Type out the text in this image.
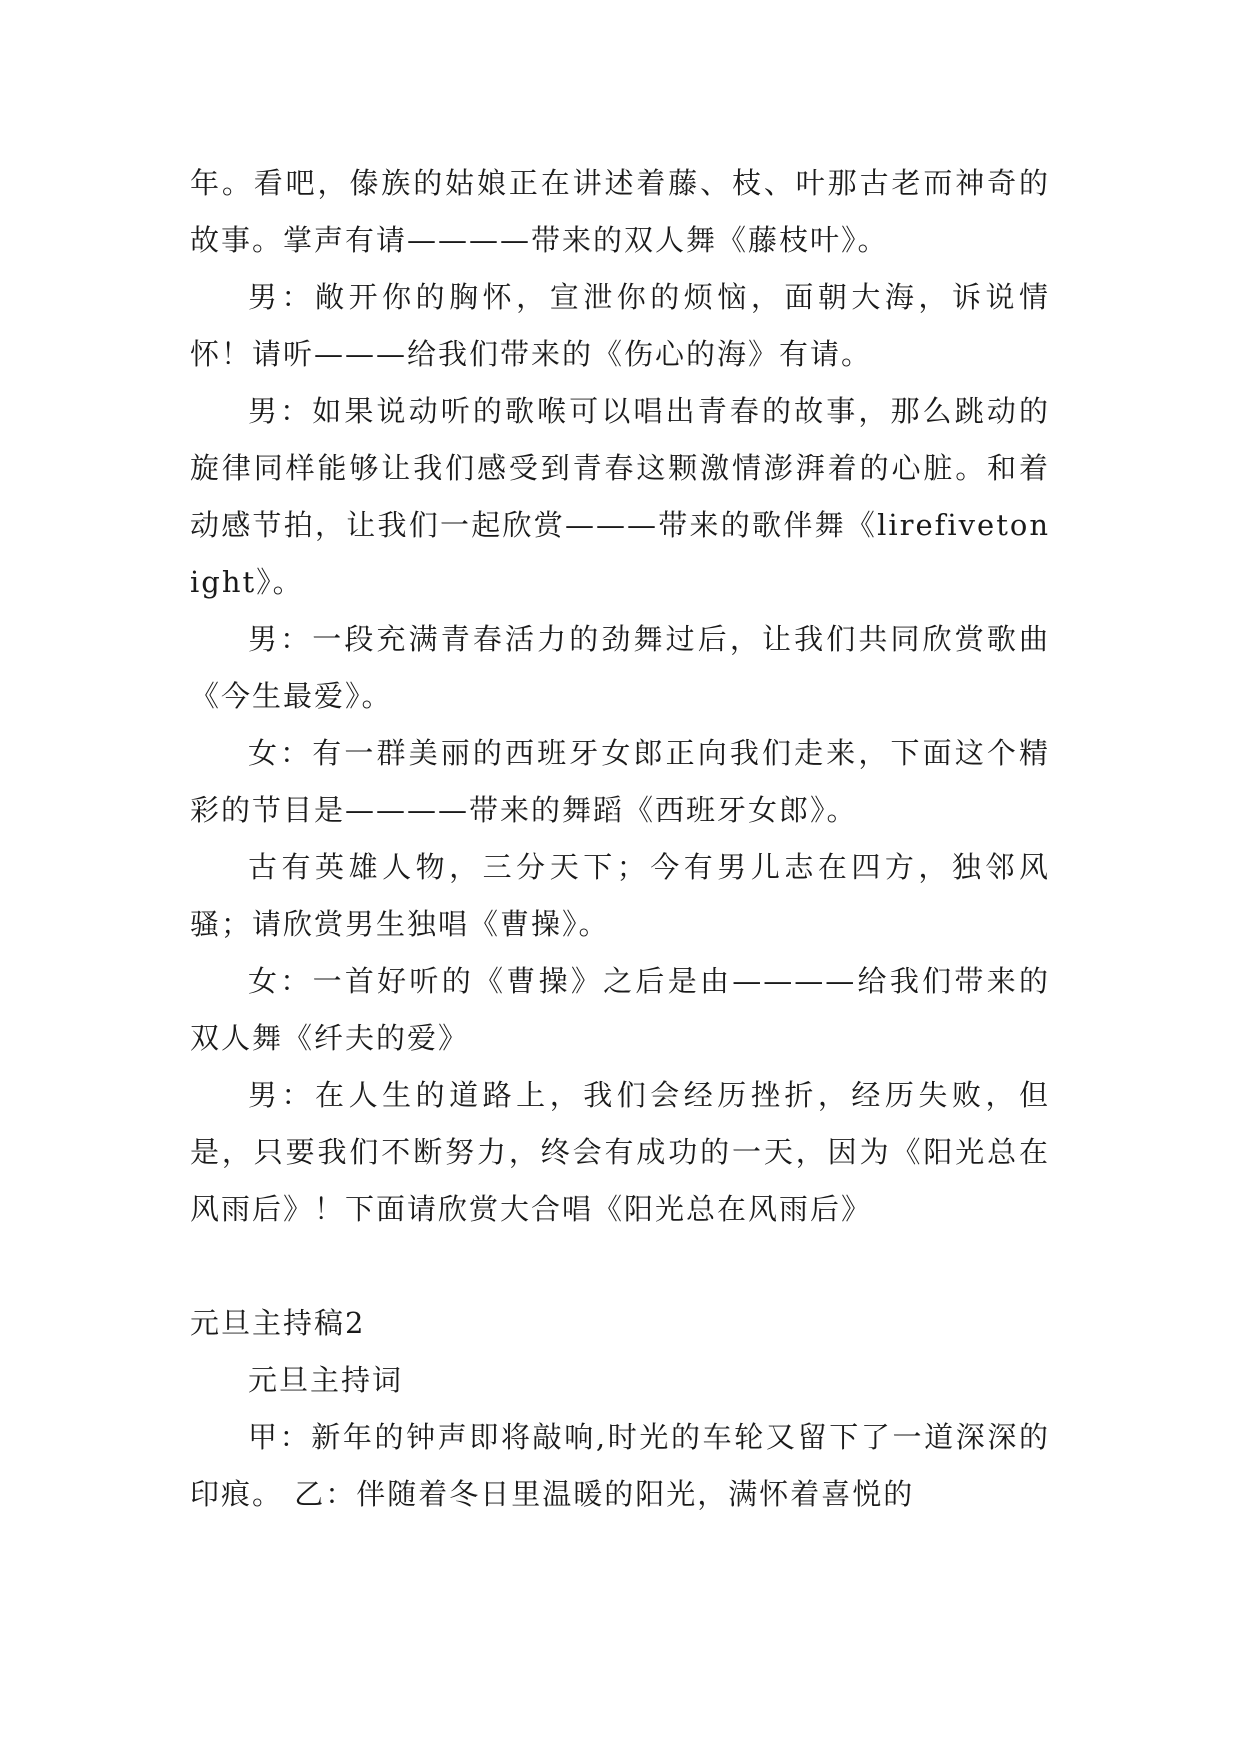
年。看吧，傣族的姑娘正在讲述着藤、枝、叶那古老而神奇的故事。掌声有请————带来的双人舞《藤枝叶》。

男：敞开你的胸怀，宣泄你的烦恼，面朝大海，诉说情怀！请听———给我们带来的《伤心的海》有请。

男：如果说动听的歌喉可以唱出青春的故事，那么跳动的旋律同样能够让我们感受到青春这颗激情澎湃着的心脏。和着动感节拍，让我们一起欣赏———带来的歌伴舞《lirefivetonight》。

男：一段充满青春活力的劲舞过后，让我们共同欣赏歌曲《今生最爱》。

女：有一群美丽的西班牙女郎正向我们走来，下面这个精彩的节目是————带来的舞蹈《西班牙女郎》。

古有英雄人物，三分天下；今有男儿志在四方，独邻风骚；请欣赏男生独唱《曹操》。

女：一首好听的《曹操》之后是由————给我们带来的双人舞《纤夫的爱》

男：在人生的道路上，我们会经历挫折，经历失败，但是，只要我们不断努力，终会有成功的一天，因为《阳光总在风雨后》！下面请欣赏大合唱《阳光总在风雨后》

元旦主持稿2

元旦主持词

甲：新年的钟声即将敲响,时光的车轮又留下了一道深深的印痕。 乙：伴随着冬日里温暖的阳光，满怀着喜悦的
